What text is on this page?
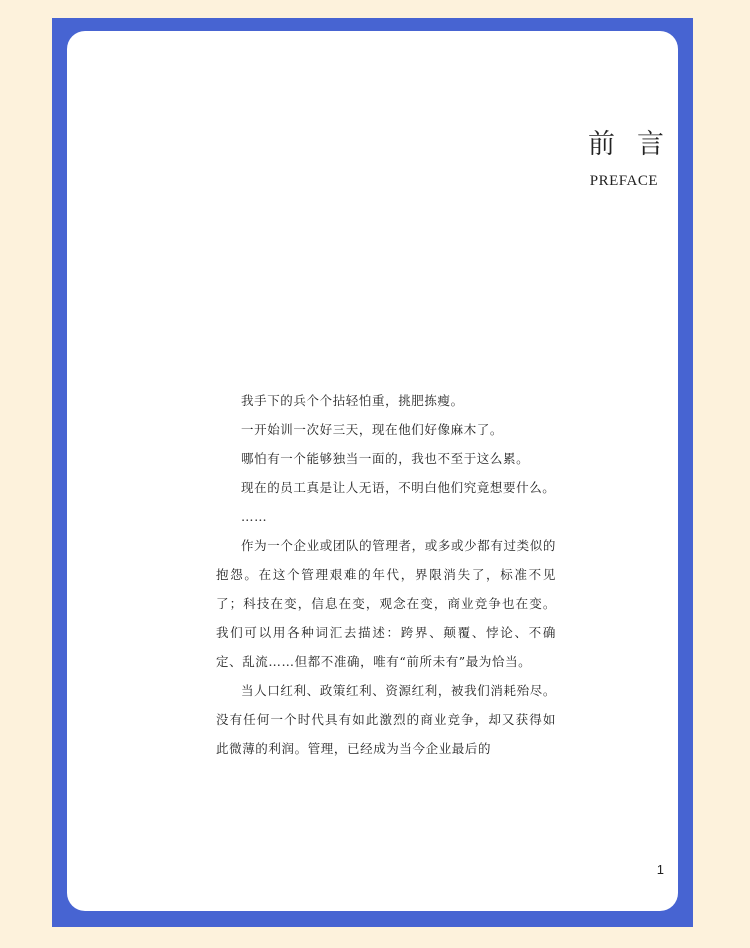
前言
PREFACE

我手下的兵个个拈轻怕重，挑肥拣瘦。

一开始训一次好三天，现在他们好像麻木了。

哪怕有一个能够独当一面的，我也不至于这么累。

现在的员工真是让人无语，不明白他们究竟想要什么。

……

作为一个企业或团队的管理者，或多或少都有过类似的抱怨。在这个管理艰难的年代，界限消失了，标准不见了；科技在变，信息在变，观念在变，商业竞争也在变。我们可以用各种词汇去描述：跨界、颠覆、悖论、不确定、乱流……但都不准确，唯有“前所未有”最为恰当。

当人口红利、政策红利、资源红利，被我们消耗殆尽。没有任何一个时代具有如此激烈的商业竞争，却又获得如此微薄的利润。管理，已经成为当今企业最后的

1
